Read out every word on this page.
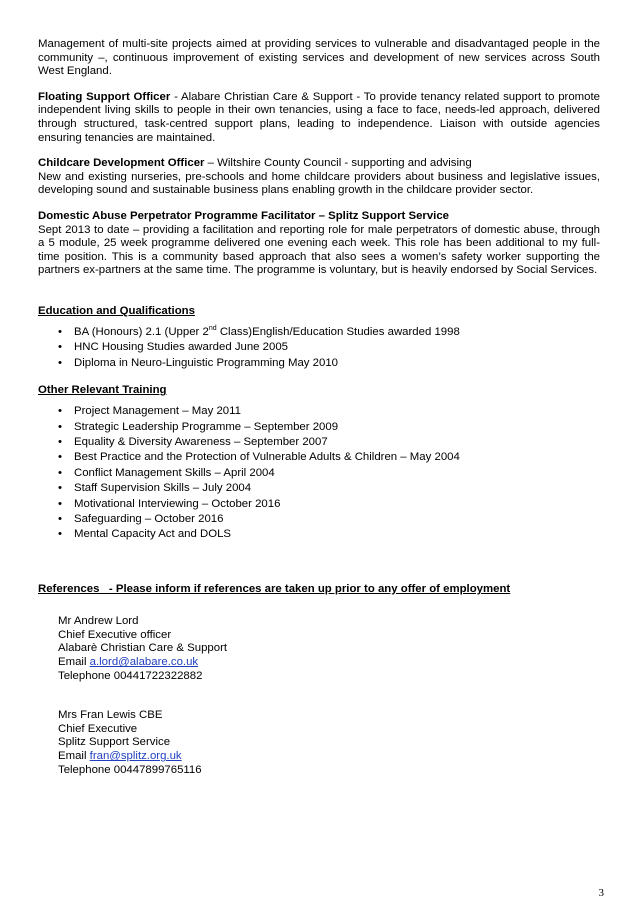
Management of multi-site projects aimed at providing services to vulnerable and disadvantaged people in the community –, continuous improvement of existing services and development of new services across South West England.

Floating Support Officer - Alabare Christian Care & Support - To provide tenancy related support to promote independent living skills to people in their own tenancies, using a face to face, needs-led approach, delivered through structured, task-centred support plans, leading to independence. Liaison with outside agencies ensuring tenancies are maintained.

Childcare Development Officer – Wiltshire County Council - supporting and advising

New and existing nurseries, pre-schools and home childcare providers about business and legislative issues, developing sound and sustainable business plans enabling growth in the childcare provider sector.

Domestic Abuse Perpetrator Programme Facilitator – Splitz Support Service

Sept 2013 to date – providing a facilitation and reporting role for male perpetrators of domestic abuse, through a 5 module, 25 week programme delivered one evening each week. This role has been additional to my full-time position. This is a community based approach that also sees a women’s safety worker supporting the partners ex-partners at the same time. The programme is voluntary, but is heavily endorsed by Social Services.

Education and Qualifications

• BA (Honours) 2.1 (Upper 2nd Class)English/Education Studies awarded 1998
• HNC Housing Studies awarded June 2005
• Diploma in Neuro-Linguistic Programming May 2010

Other Relevant Training

• Project Management – May 2011
• Strategic Leadership Programme – September 2009
• Equality & Diversity Awareness – September 2007
• Best Practice and the Protection of Vulnerable Adults & Children – May 2004
• Conflict Management Skills – April 2004
• Staff Supervision Skills – July 2004
• Motivational Interviewing – October 2016
• Safeguarding – October 2016
• Mental Capacity Act and DOLS

References   - Please inform if references are taken up prior to any offer of employment

Mr Andrew Lord

Chief Executive officer

Alabarè Christian Care & Support

Email a.lord@alabare.co.uk

Telephone 00441722322882

Mrs Fran Lewis CBE

Chief Executive

Splitz Support Service

Email fran@splitz.org.uk

Telephone 00447899765116

3
